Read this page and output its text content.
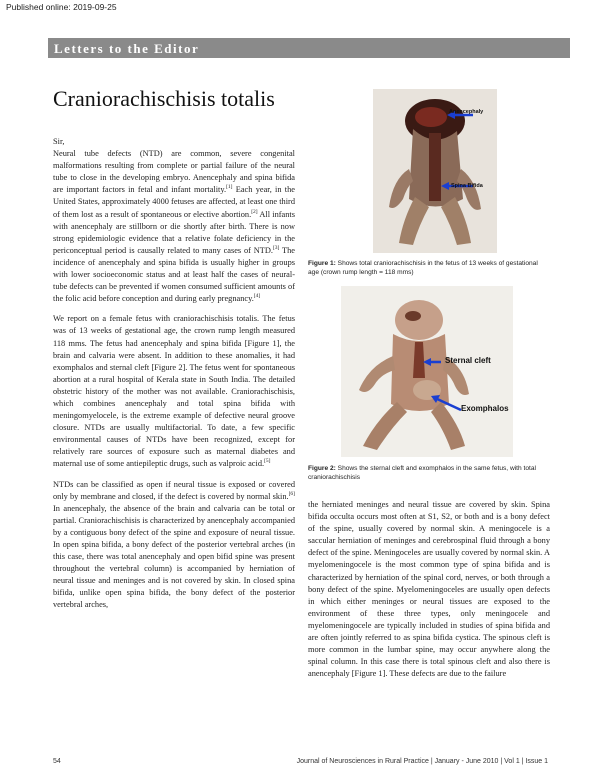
Published online: 2019-09-25
Letters to the Editor
Craniorachischisis totalis

Sir,

Neural tube defects (NTD) are common, severe congenital malformations resulting from complete or partial failure of the neural tube to close in the developing embryo. Anencephaly and spina bifida are important factors in fetal and infant mortality.[1] Each year, in the United States, approximately 4000 fetuses are affected, at least one third of them lost as a result of spontaneous or elective abortion.[2] All infants with anencephaly are stillborn or die shortly after birth. There is now strong epidemiologic evidence that a relative folate deficiency in the periconceptual period is causally related to many cases of NTD.[3] The incidence of anencephaly and spina bifida is usually higher in groups with lower socioeconomic status and at least half the cases of neural-tube defects can be prevented if women consumed sufficient amounts of the folic acid before conception and during early pregnancy.[4]

We report on a female fetus with craniorachischisis totalis. The fetus was of 13 weeks of gestational age, the crown rump length measured 118 mms. The fetus had anencephaly and spina bifida [Figure 1], the brain and calvaria were absent. In addition to these anomalies, it had exomphalos and sternal cleft [Figure 2]. The fetus went for spontaneous abortion at a rural hospital of Kerala state in South India. The detailed obstetric history of the mother was not available. Craniorachischisis, which combines anencephaly and total spina bifida with meningomyelocele, is the extreme example of defective neural groove closure. NTDs are usually multifactorial. To date, a few specific environmental causes of NTDs have been recognized, except for relatively rare sources of exposure such as maternal diabetes and maternal use of some antiepileptic drugs, such as valproic acid.[5]

NTDs can be classified as open if neural tissue is exposed or covered only by membrane and closed, if the defect is covered by normal skin.[6] In anencephaly, the absence of the brain and calvaria can be total or partial. Craniorachischisis is characterized by anencephaly accompanied by a contiguous bony defect of the spine and exposure of neural tissue. In open spina bifida, a bony defect of the posterior vertebral arches (in this case, there was total anencephaly and open bifid spine was present throughout the vertebral column) is accompanied by herniation of neural tissue and meninges and is not covered by skin. In closed spina bifida, unlike open spina bifida, the bony defect of the posterior vertebral arches,

Anencephaly
Spina Bifida
Figure 1: Shows total craniorachischisis in the fetus of 13 weeks of gestational age (crown rump length = 118 mms)
Sternal cleft
Exomphalos
Figure 2: Shows the sternal cleft and exomphalos in the same fetus, with total craniorachischisis

the herniated meninges and neural tissue are covered by skin. Spina bifida occulta occurs most often at S1, S2, or both and is a bony defect of the spine, usually covered by normal skin. A meningocele is a saccular herniation of meninges and cerebrospinal fluid through a bony defect of the spine. Meningoceles are usually covered by normal skin. A myelomeningocele is the most common type of spina bifida and is characterized by herniation of the spinal cord, nerves, or both through a bony defect of the spine. Myelomeningoceles are usually open defects in which either meninges or neural tissues are exposed to the environment of these three types, only meningocele and myelomeningocele are typically included in studies of spina bifida and are often jointly referred to as spina bifida cystica. The spinous cleft is more common in the lumbar spine, may occur anywhere along the spinal column. In this case there is total spinous cleft and also there is anencephaly [Figure 1]. These defects are due to the failure

54	Journal of Neurosciences in Rural Practice | January - June 2010 | Vol 1 | Issue 1
